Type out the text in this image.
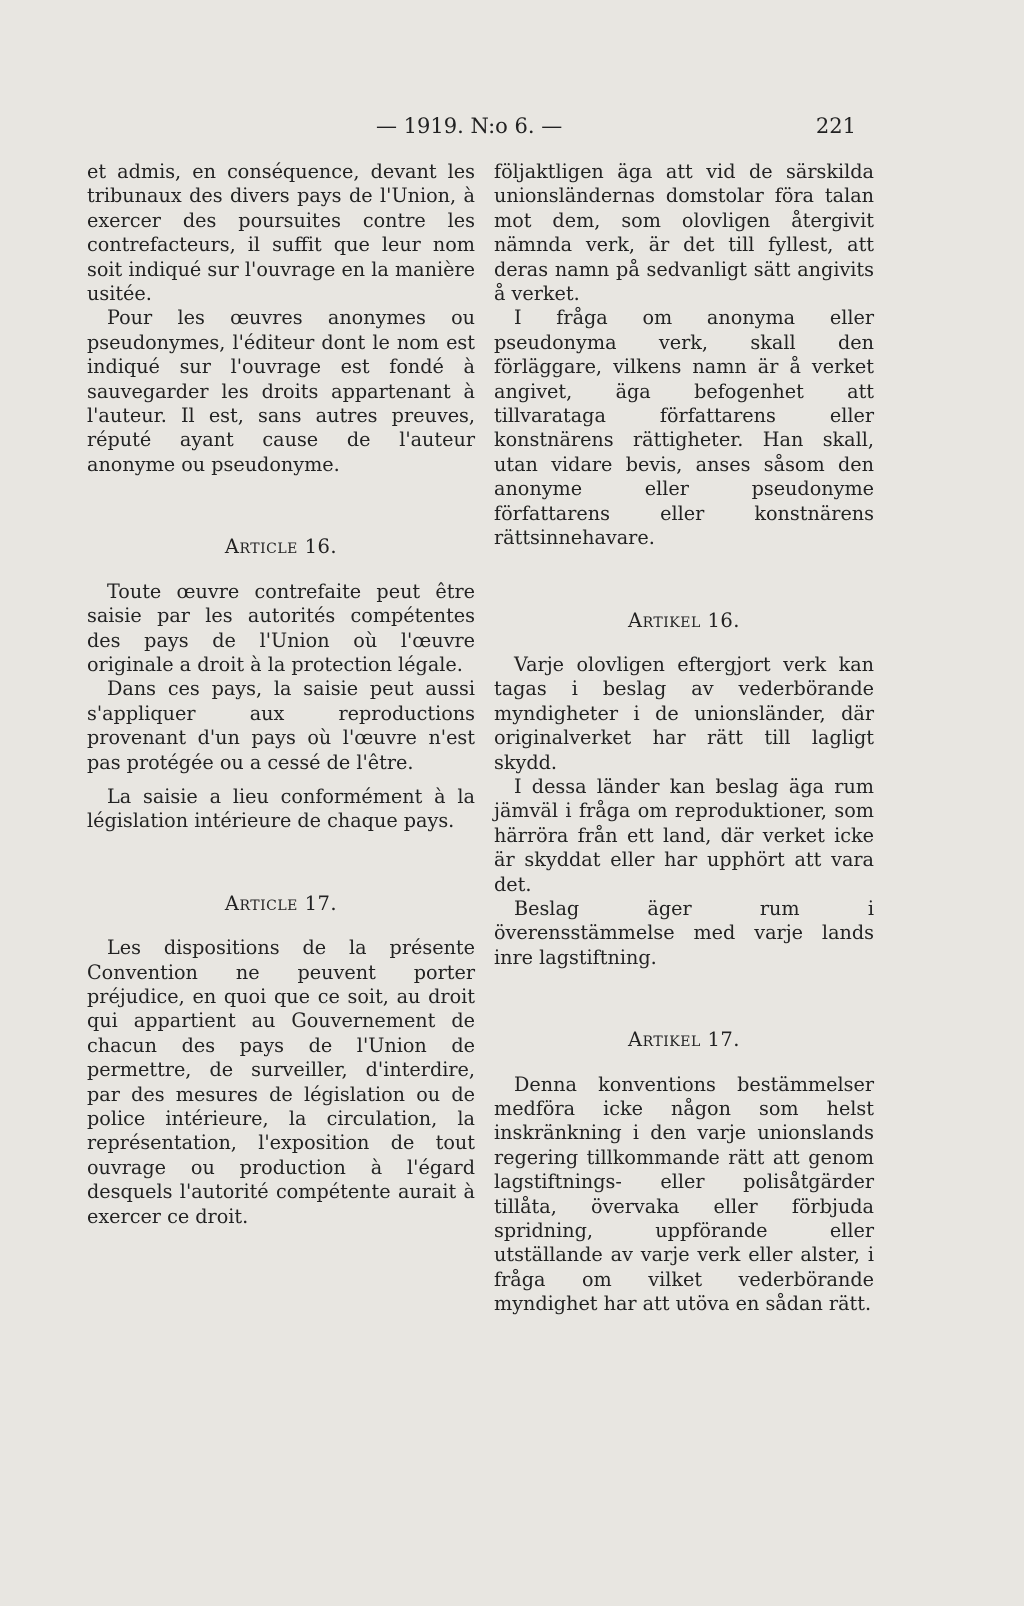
— 1919. N:o 6. —	221

et admis, en conséquence, devant les tribunaux des divers pays de l'Union, à exercer des poursuites contre les contrefacteurs, il suffit que leur nom soit indiqué sur l'ouvrage en la manière usitée.

Pour les œuvres anonymes ou pseudonymes, l'éditeur dont le nom est indiqué sur l'ouvrage est fondé à sauvegarder les droits appartenant à l'auteur. Il est, sans autres preuves, réputé ayant cause de l'auteur anonyme ou pseudonyme.

Article 16.

Toute œuvre contrefaite peut être saisie par les autorités compétentes des pays de l'Union où l'œuvre originale a droit à la protection légale.

Dans ces pays, la saisie peut aussi s'appliquer aux reproductions provenant d'un pays où l'œuvre n'est pas protégée ou a cessé de l'être.

La saisie a lieu conformément à la législation intérieure de chaque pays.

Article 17.

Les dispositions de la présente Convention ne peuvent porter préjudice, en quoi que ce soit, au droit qui appartient au Gouvernement de chacun des pays de l'Union de permettre, de surveiller, d'interdire, par des mesures de législation ou de police intérieure, la circulation, la représentation, l'exposition de tout ouvrage ou production à l'égard desquels l'autorité compétente aurait à exercer ce droit.

följaktligen äga att vid de särskilda unionsländernas domstolar föra talan mot dem, som olovligen återgivit nämnda verk, är det till fyllest, att deras namn på sedvanligt sätt angivits å verket.

I fråga om anonyma eller pseudonyma verk, skall den förläggare, vilkens namn är å verket angivet, äga befogenhet att tillvaratagа författarens eller konstnärens rättigheter. Han skall, utan vidare bevis, anses såsom den anonyme eller pseudonyme författarens eller konstnärens rättsinnehavare.

Artikel 16.

Varje olovligen eftergjort verk kan tagas i beslag av vederbörande myndigheter i de unionsländer, där originalverket har rätt till lagligt skydd.

I dessa länder kan beslag äga rum jämväl i fråga om reproduktioner, som härröra från ett land, där verket icke är skyddat eller har upphört att vara det.

Beslag äger rum i överensstämmelse med varje lands inre lagstiftning.

Artikel 17.

Denna konventions bestämmelser medföra icke någon som helst inskränkning i den varje unionslands regering tillkommande rätt att genom lagstiftnings- eller polisåtgärder tillåta, övervaka eller förbjuda spridning, uppförande eller utställande av varje verk eller alster, i fråga om vilket vederbörande myndighet har att utöva en sådan rätt.
